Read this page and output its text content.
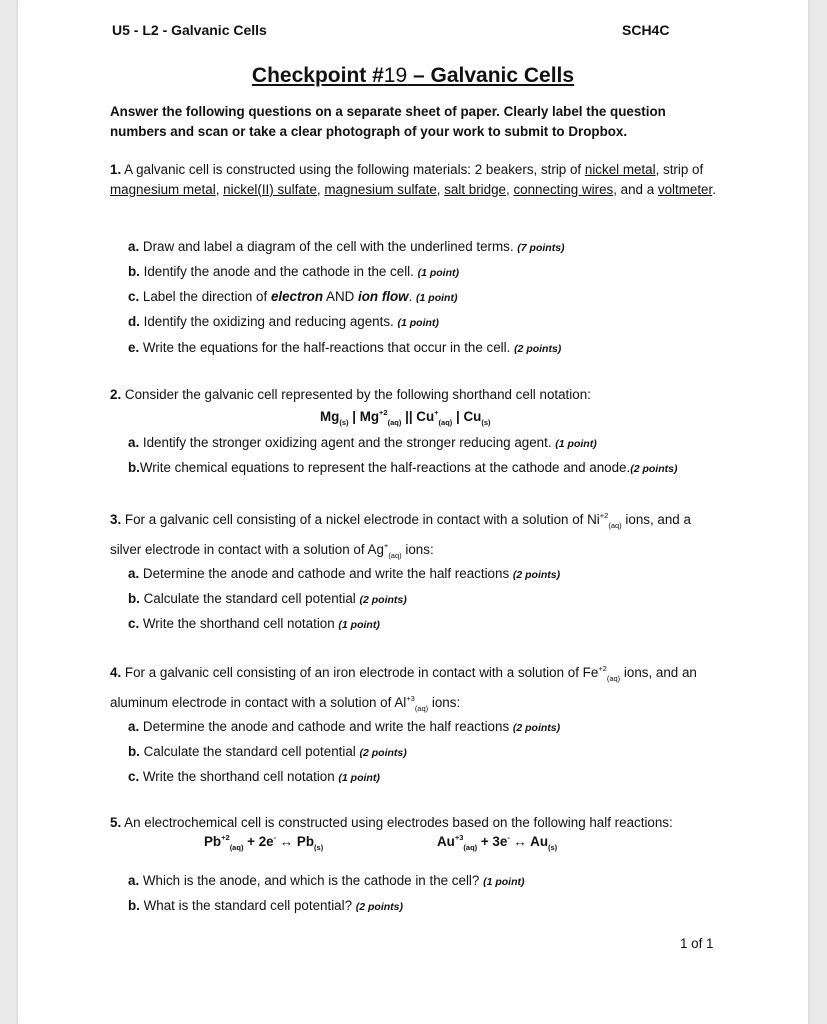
U5 - L2 - Galvanic Cells	SCH4C
Checkpoint #19 – Galvanic Cells
Answer the following questions on a separate sheet of paper. Clearly label the question numbers and scan or take a clear photograph of your work to submit to Dropbox.
1. A galvanic cell is constructed using the following materials: 2 beakers, strip of nickel metal, strip of magnesium metal, nickel(II) sulfate, magnesium sulfate, salt bridge, connecting wires, and a voltmeter.
a. Draw and label a diagram of the cell with the underlined terms. (7 points)
b. Identify the anode and the cathode in the cell. (1 point)
c. Label the direction of electron AND ion flow. (1 point)
d. Identify the oxidizing and reducing agents. (1 point)
e. Write the equations for the half-reactions that occur in the cell. (2 points)
2. Consider the galvanic cell represented by the following shorthand cell notation:
$Mg_{(s)}$ | $Mg^{+2}_{(aq)}$ || $Cu^+_{(aq)}$ | $Cu_{(s)}$
a. Identify the stronger oxidizing agent and the stronger reducing agent. (1 point)
b.Write chemical equations to represent the half-reactions at the cathode and anode.(2 points)
3. For a galvanic cell consisting of a nickel electrode in contact with a solution of $Ni^{+2}_{(aq)}$ ions, and a silver electrode in contact with a solution of $Ag^+_{(aq)}$ ions:
a. Determine the anode and cathode and write the half reactions (2 points)
b. Calculate the standard cell potential (2 points)
c. Write the shorthand cell notation (1 point)
4. For a galvanic cell consisting of an iron electrode in contact with a solution of $Fe^{+2}_{(aq)}$ ions, and an aluminum electrode in contact with a solution of $Al^{+3}_{(aq)}$ ions:
a. Determine the anode and cathode and write the half reactions (2 points)
b. Calculate the standard cell potential (2 points)
c. Write the shorthand cell notation (1 point)
5. An electrochemical cell is constructed using electrodes based on the following half reactions:
$Pb^{+2}_{(aq)} + 2e^-$ ↔ $Pb_{(s)}$	$Au^{+3}_{(aq)} + 3e^-$ ↔ $Au_{(s)}$
a. Which is the anode, and which is the cathode in the cell? (1 point)
b. What is the standard cell potential? (2 points)
1 of 1
